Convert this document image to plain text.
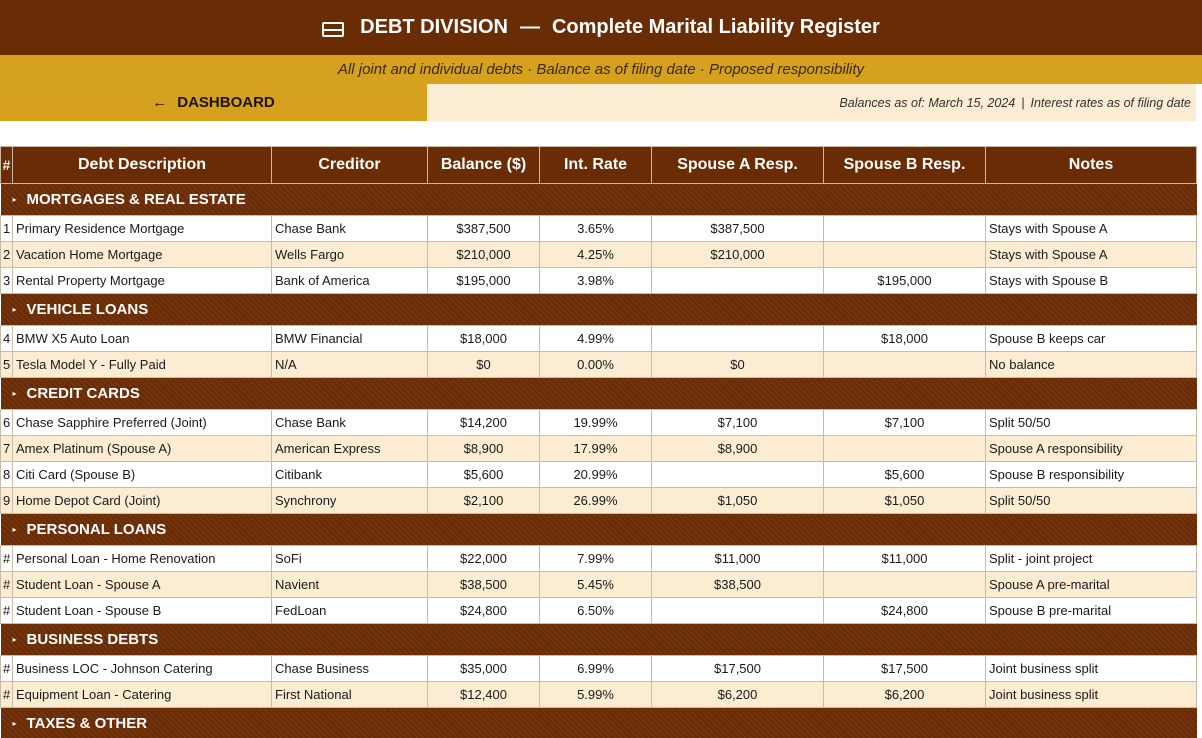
DEBT DIVISION — Complete Marital Liability Register
All joint and individual debts · Balance as of filing date · Proposed responsibility
← DASHBOARD	Balances as of: March 15, 2024 | Interest rates as of filing date
#	Debt Description	Creditor	Balance ($)	Int. Rate	Spouse A Resp.	Spouse B Resp.	Notes
▸ MORTGAGES & REAL ESTATE							
1	Primary Residence Mortgage	Chase Bank	$387,500	3.65%	$387,500		Stays with Spouse A
2	Vacation Home Mortgage	Wells Fargo	$210,000	4.25%	$210,000		Stays with Spouse A
3	Rental Property Mortgage	Bank of America	$195,000	3.98%		$195,000	Stays with Spouse B
▸ VEHICLE LOANS							
4	BMW X5 Auto Loan	BMW Financial	$18,000	4.99%		$18,000	Spouse B keeps car
5	Tesla Model Y - Fully Paid	N/A	$0	0.00%	$0		No balance
▸ CREDIT CARDS							
6	Chase Sapphire Preferred (Joint)	Chase Bank	$14,200	19.99%	$7,100	$7,100	Split 50/50
7	Amex Platinum (Spouse A)	American Express	$8,900	17.99%	$8,900		Spouse A responsibility
8	Citi Card (Spouse B)	Citibank	$5,600	20.99%		$5,600	Spouse B responsibility
9	Home Depot Card (Joint)	Synchrony	$2,100	26.99%	$1,050	$1,050	Split 50/50
▸ PERSONAL LOANS							
#	Personal Loan - Home Renovation	SoFi	$22,000	7.99%	$11,000	$11,000	Split - joint project
#	Student Loan - Spouse A	Navient	$38,500	5.45%	$38,500		Spouse A pre-marital
#	Student Loan - Spouse B	FedLoan	$24,800	6.50%		$24,800	Spouse B pre-marital
▸ BUSINESS DEBTS							
#	Business LOC - Johnson Catering	Chase Business	$35,000	6.99%	$17,500	$17,500	Joint business split
#	Equipment Loan - Catering	First National	$12,400	5.99%	$6,200	$6,200	Joint business split
▸ TAXES & OTHER							
